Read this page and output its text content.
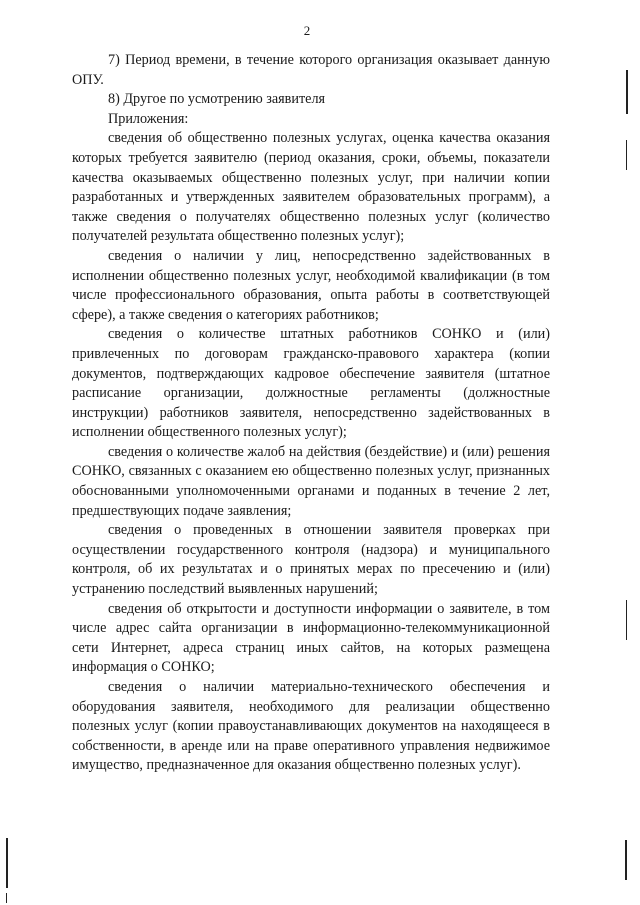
2

7) Период времени, в течение которого организация оказывает данную ОПУ.

8) Другое по усмотрению заявителя

Приложения:

сведения об общественно полезных услугах, оценка качества оказания которых требуется заявителю (период оказания, сроки, объемы, показатели качества оказываемых общественно полезных услуг, при наличии копии разработанных и утвержденных заявителем образовательных программ), а также сведения о получателях общественно полезных услуг (количество получателей результата общественно полезных услуг);

сведения о наличии у лиц, непосредственно задействованных в исполнении общественно полезных услуг, необходимой квалификации (в том числе профессионального образования, опыта работы в соответствующей сфере), а также сведения о категориях работников;

сведения о количестве штатных работников СОНКО и (или) привлеченных по договорам гражданско-правового характера (копии документов, подтверждающих кадровое обеспечение заявителя (штатное расписание организации, должностные регламенты (должностные инструкции) работников заявителя, непосредственно задействованных в исполнении общественного полезных услуг);

сведения о количестве жалоб на действия (бездействие) и (или) решения СОНКО, связанных с оказанием ею общественно полезных услуг, признанных обоснованными уполномоченными органами и поданных в течение 2 лет, предшествующих подаче заявления;

сведения о проведенных в отношении заявителя проверках при осуществлении государственного контроля (надзора) и муниципального контроля, об их результатах и о принятых мерах по пресечению и (или) устранению последствий выявленных нарушений;

сведения об открытости и доступности информации о заявителе, в том числе адрес сайта организации в информационно-телекоммуникационной сети Интернет, адреса страниц иных сайтов, на которых размещена информация о СОНКО;

сведения о наличии материально-технического обеспечения и оборудования заявителя, необходимого для реализации общественно полезных услуг (копии правоустанавливающих документов на находящееся в собственности, в аренде или на праве оперативного управления недвижимое имущество, предназначенное для оказания общественно полезных услуг).
